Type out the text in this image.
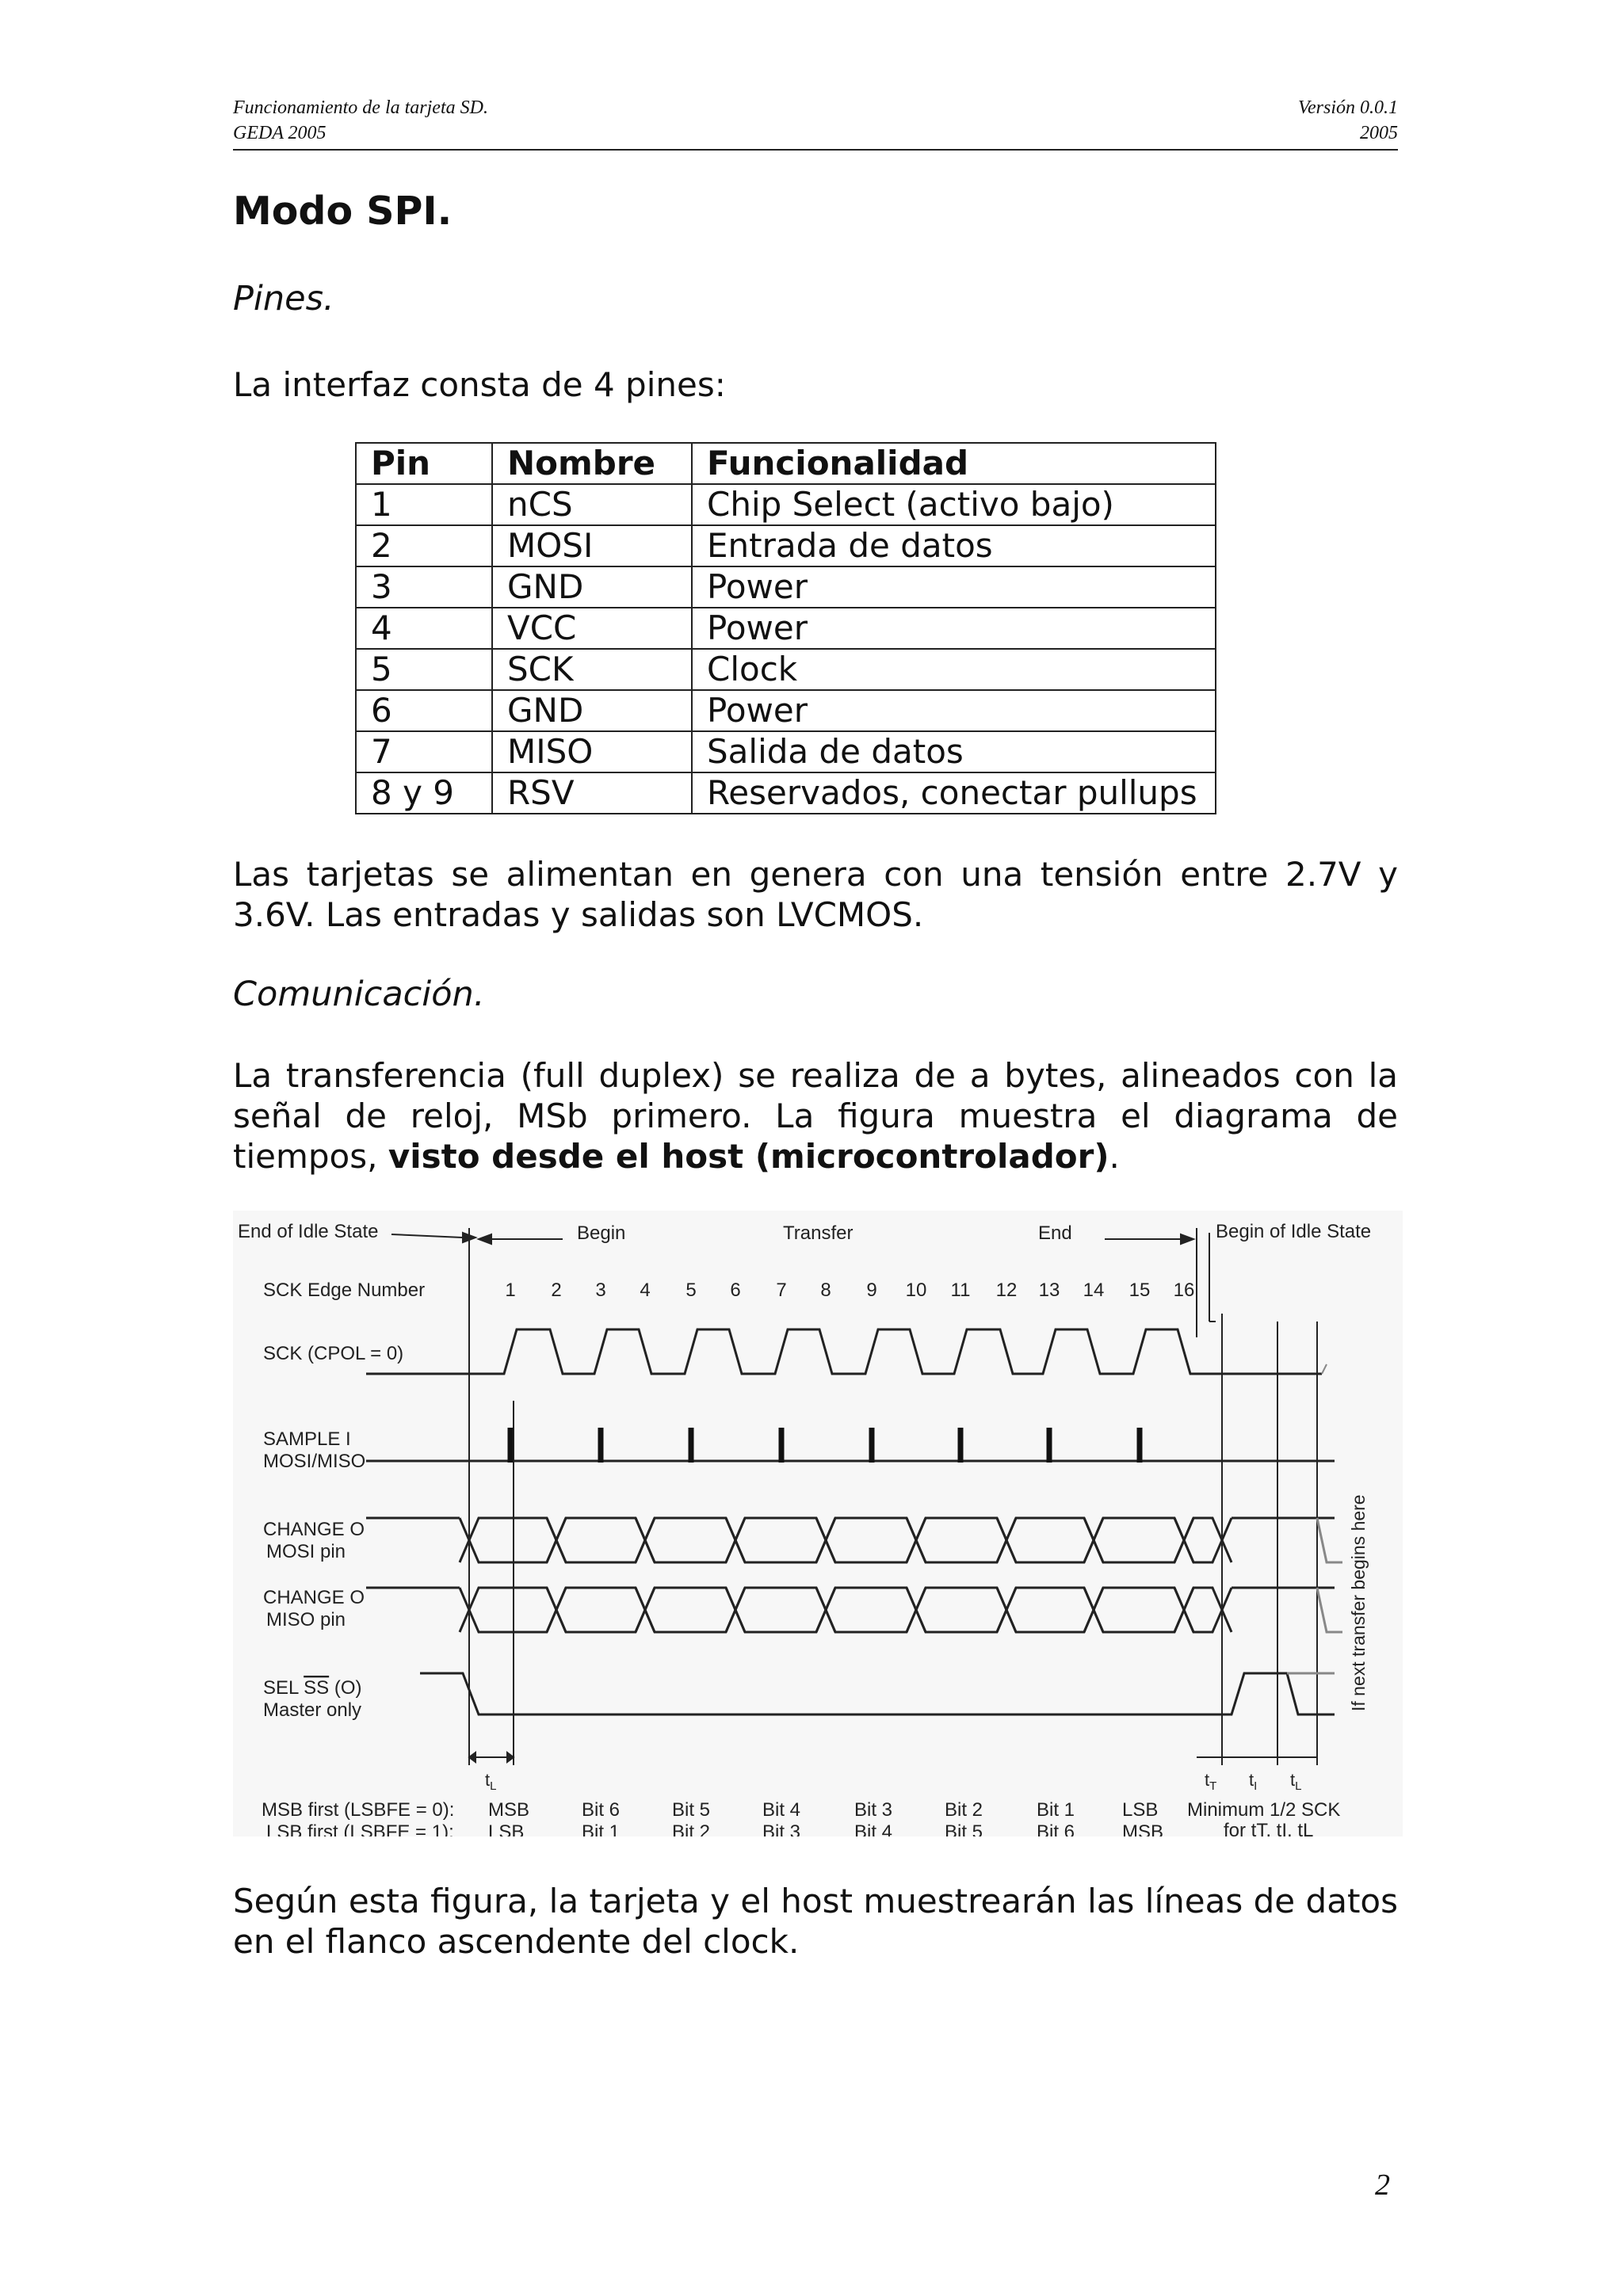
Funcionamiento de la tarjeta SD.
GEDA 2005
Versión 0.0.1
2005
Modo SPI.
Pines.
La interfaz consta de 4 pines:
Pin	Nombre	Funcionalidad
1	nCS	Chip Select (activo bajo)
2	MOSI	Entrada de datos
3	GND	Power
4	VCC	Power
5	SCK	Clock
6	GND	Power
7	MISO	Salida de datos
8 y 9	RSV	Reservados, conectar pullups
Las tarjetas se alimentan en genera con una tensión entre 2.7V y 3.6V. Las entradas y salidas son LVCMOS.
Comunicación.
La transferencia (full duplex) se realiza de a bytes, alineados con la señal de reloj, MSb primero. La figura muestra el diagrama de tiempos, visto desde el host (microcontrolador).
End of Idle State	Begin	Transfer	End	Begin of Idle State
SCK Edge Number
SCK (CPOL = 0)
SAMPLE I
MOSI/MISO
CHANGE O
MOSI pin
CHANGE O
MISO pin
SEL SS (O)
Master only
1 2 3 4 5 6 7 8 9 10 11 12 13 14 15 16
$t_L$	$t_T$ $t_I$ $t_L$
If next transfer begins here
MSB first (LSBFE = 0):
LSB first (LSBFE = 1):
Minimum 1/2 SCK
for tT, tI, tL
MSB	Bit 6	Bit 5	Bit 4	Bit 3	Bit 2	Bit 1 LSB
LSB	Bit 1	Bit 2	Bit 3	Bit 4	Bit 5	Bit 6 MSB
Según esta figura, la tarjeta y el host muestrearán las líneas de datos en el flanco ascendente del clock.
2
